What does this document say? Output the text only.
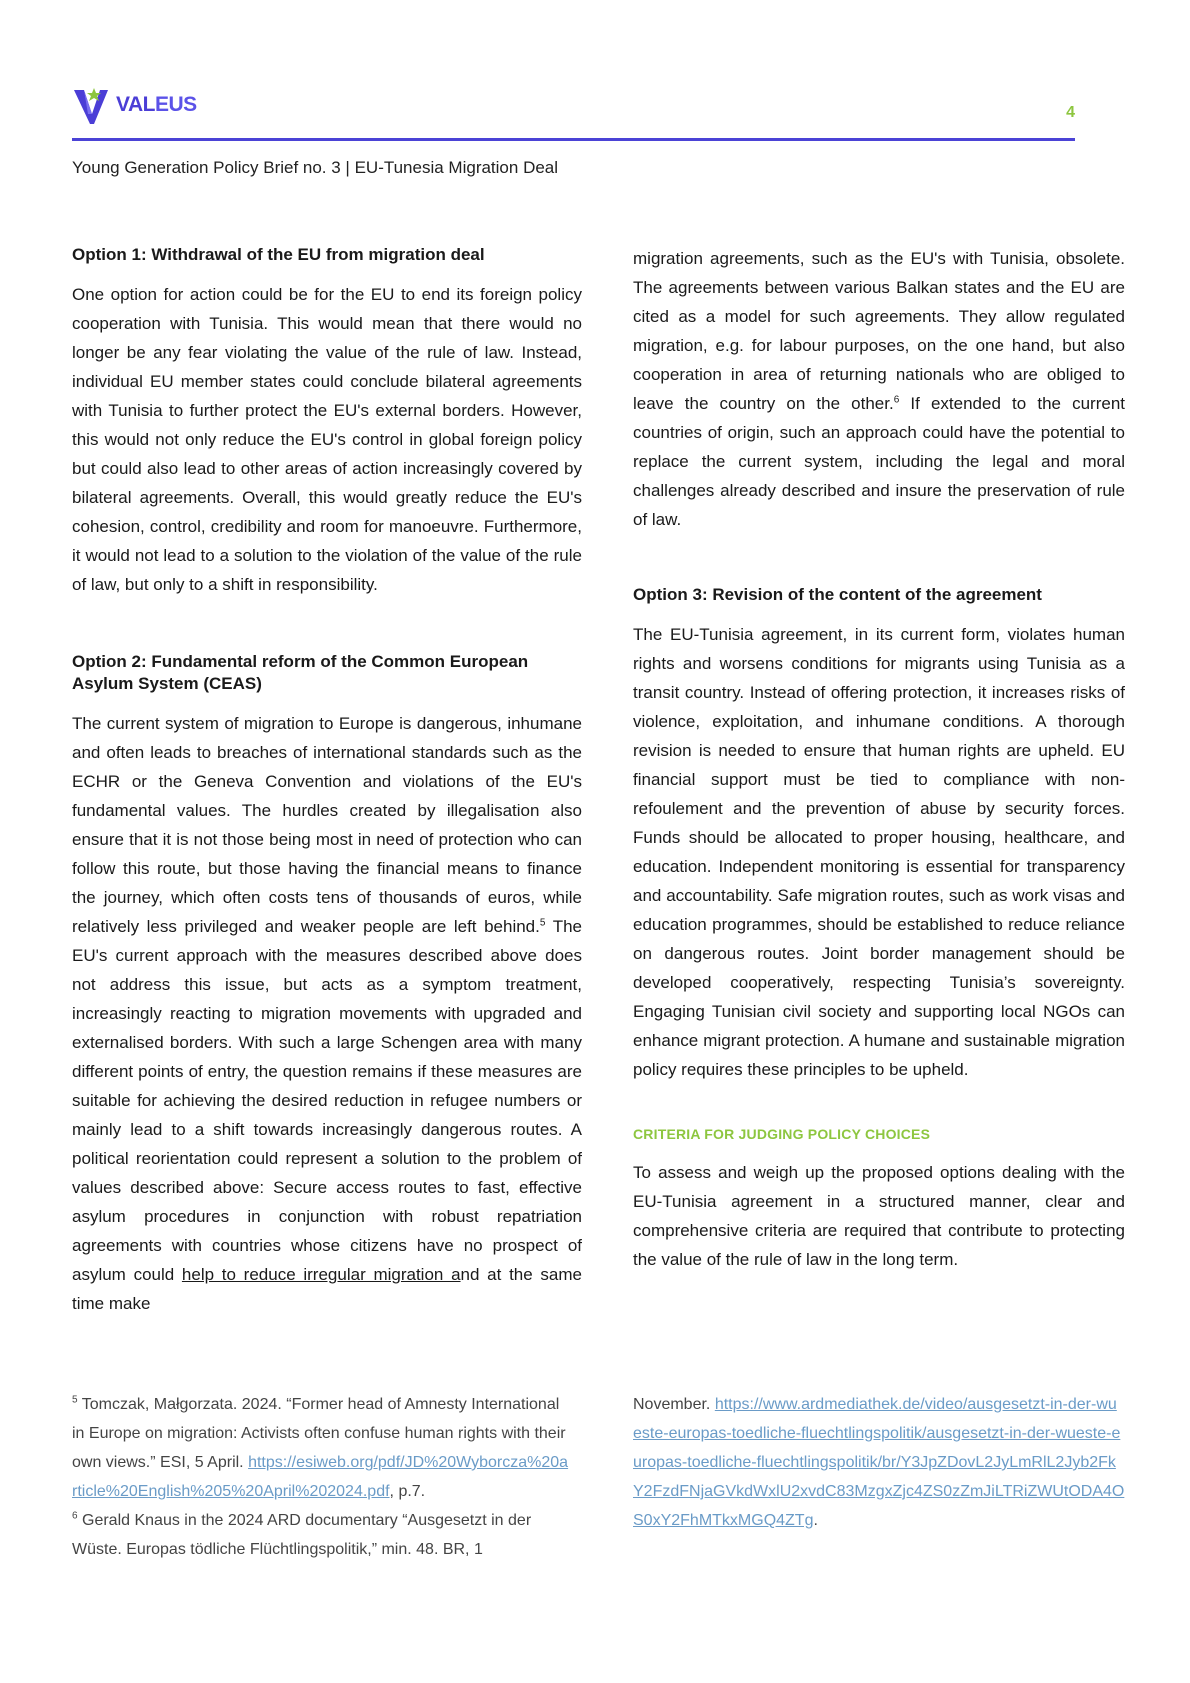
VALEUS	4
Young Generation Policy Brief no. 3 | EU-Tunesia Migration Deal
Option 1: Withdrawal of the EU from migration deal

One option for action could be for the EU to end its foreign policy cooperation with Tunisia. This would mean that there would no longer be any fear violating the value of the rule of law. Instead, individual EU member states could conclude bilateral agreements with Tunisia to further protect the EU's external borders. However, this would not only reduce the EU's control in global foreign policy but could also lead to other areas of action increasingly covered by bilateral agreements. Overall, this would greatly reduce the EU's cohesion, control, credibility and room for manoeuvre. Furthermore, it would not lead to a solution to the violation of the value of the rule of law, but only to a shift in responsibility.

Option 2: Fundamental reform of the Common European Asylum System (CEAS)

The current system of migration to Europe is dangerous, inhumane and often leads to breaches of international standards such as the ECHR or the Geneva Convention and violations of the EU's fundamental values. The hurdles created by illegalisation also ensure that it is not those being most in need of protection who can follow this route, but those having the financial means to finance the journey, which often costs tens of thousands of euros, while relatively less privileged and weaker people are left behind.$^5$ The EU's current approach with the measures described above does not address this issue, but acts as a symptom treatment, increasingly reacting to migration movements with upgraded and externalised borders. With such a large Schengen area with many different points of entry, the question remains if these measures are suitable for achieving the desired reduction in refugee numbers or mainly lead to a shift towards increasingly dangerous routes. A political reorientation could represent a solution to the problem of values described above: Secure access routes to fast, effective asylum procedures in conjunction with robust repatriation agreements with countries whose citizens have no prospect of asylum could help to reduce irregular migration and at the same time make

migration agreements, such as the EU's with Tunisia, obsolete. The agreements between various Balkan states and the EU are cited as a model for such agreements. They allow regulated migration, e.g. for labour purposes, on the one hand, but also cooperation in area of returning nationals who are obliged to leave the country on the other.$^6$ If extended to the current countries of origin, such an approach could have the potential to replace the current system, including the legal and moral challenges already described and insure the preservation of rule of law.

Option 3: Revision of the content of the agreement

The EU-Tunisia agreement, in its current form, violates human rights and worsens conditions for migrants using Tunisia as a transit country. Instead of offering protection, it increases risks of violence, exploitation, and inhumane conditions. A thorough revision is needed to ensure that human rights are upheld. EU financial support must be tied to compliance with non-refoulement and the prevention of abuse by security forces. Funds should be allocated to proper housing, healthcare, and education. Independent monitoring is essential for transparency and accountability. Safe migration routes, such as work visas and education programmes, should be established to reduce reliance on dangerous routes. Joint border management should be developed cooperatively, respecting Tunisia’s sovereignty. Engaging Tunisian civil society and supporting local NGOs can enhance migrant protection. A humane and sustainable migration policy requires these principles to be upheld.

CRITERIA FOR JUDGING POLICY CHOICES

To assess and weigh up the proposed options dealing with the EU-Tunisia agreement in a structured manner, clear and comprehensive criteria are required that contribute to protecting the value of the rule of law in the long term.

$^5$ Tomczak, Małgorzata. 2024. “Former head of Amnesty International in Europe on migration: Activists often confuse human rights with their own views.” ESI, 5 April. https://esiweb.org/pdf/JD%20Wyborcza%20article%20English%205%20April%202024.pdf, p.7.

$^6$ Gerald Knaus in the 2024 ARD documentary “Ausgesetzt in der Wüste. Europas tödliche Flüchtlingspolitik,” min. 48. BR, 1

November. https://www.ardmediathek.de/video/ausgesetzt-in-der-wueste-europas-toedliche-fluechtlingspolitik/ausgesetzt-in-der-wueste-europas-toedliche-fluechtlingspolitik/br/Y3JpZDovL2JyLmRlL2Jyb2FkY2FzdFNjaGVkdWxlU2xvdC83MzgxZjc4ZS0zZmJiLTRiZWUtODA4OS0xY2FhMTkxMGQ4ZTg.
